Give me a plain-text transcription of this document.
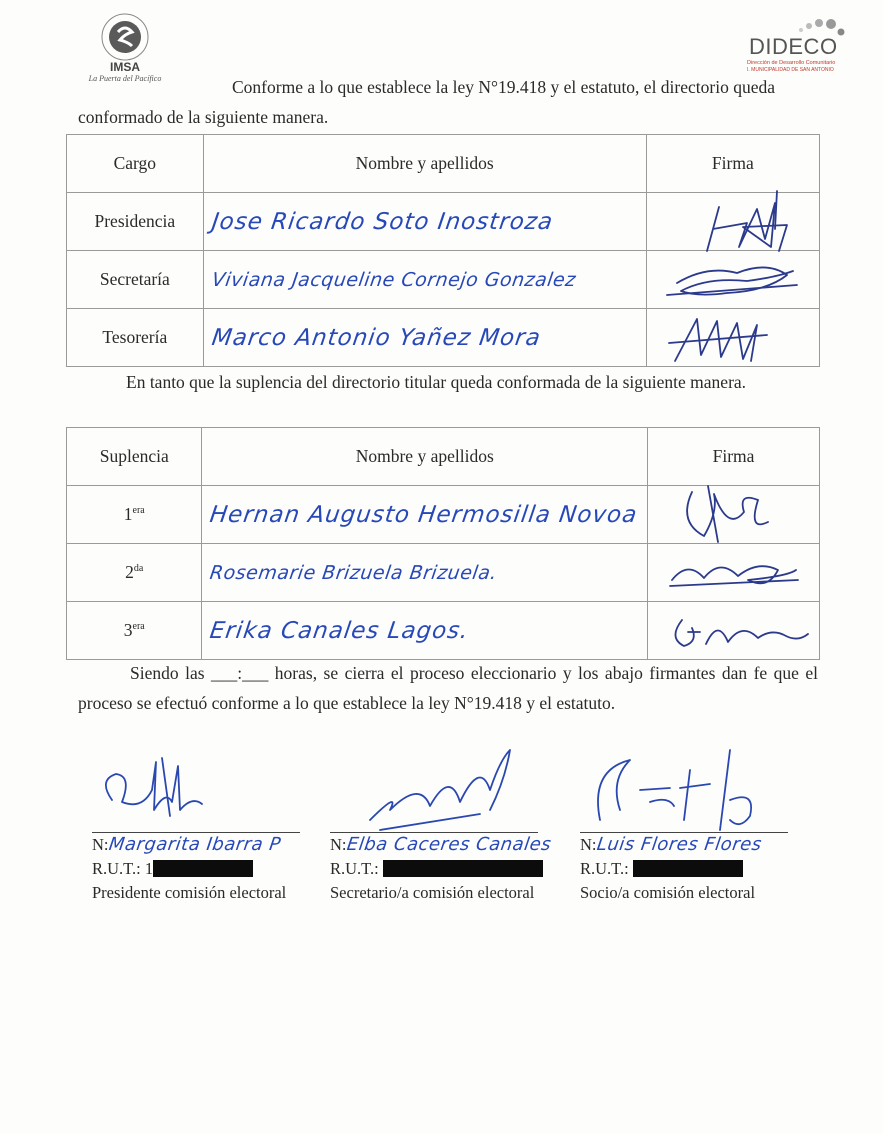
IMSA
La Puerta del Pacífico
DIDECO
Dirección de Desarrollo Comunitario
I. MUNICIPALIDAD DE SAN ANTONIO

Conforme a lo que establece la ley N°19.418 y el estatuto, el directorio queda conformado de la siguiente manera.

Cargo	Nombre y apellidos	Firma
Presidencia	Jose Ricardo Soto Inostroza	

Secretaría	Viviana Jacqueline Cornejo Gonzalez	

Tesorería	Marco Antonio Yañez Mora	

En tanto que la suplencia del directorio titular queda conformada de la siguiente manera.

Suplencia	Nombre y apellidos	Firma
$1^{era}$	Hernan Augusto Hermosilla Novoa	

$2^{da}$	Rosemarie Brizuela Brizuela.	

$3^{era}$	Erika Canales Lagos.	

Siendo las ___:___ horas, se cierra el proceso eleccionario y los abajo firmantes dan fe que el proceso se efectuó conforme a lo que establece la ley N°19.418 y el estatuto.

N:Margarita Ibarra P
R.U.T.: 1
Presidente comisión electoral
N:Elba Caceres Canales
R.U.T.:
Secretario/a comisión electoral
N:Luis Flores Flores
R.U.T.:
Socio/a comisión electoral
